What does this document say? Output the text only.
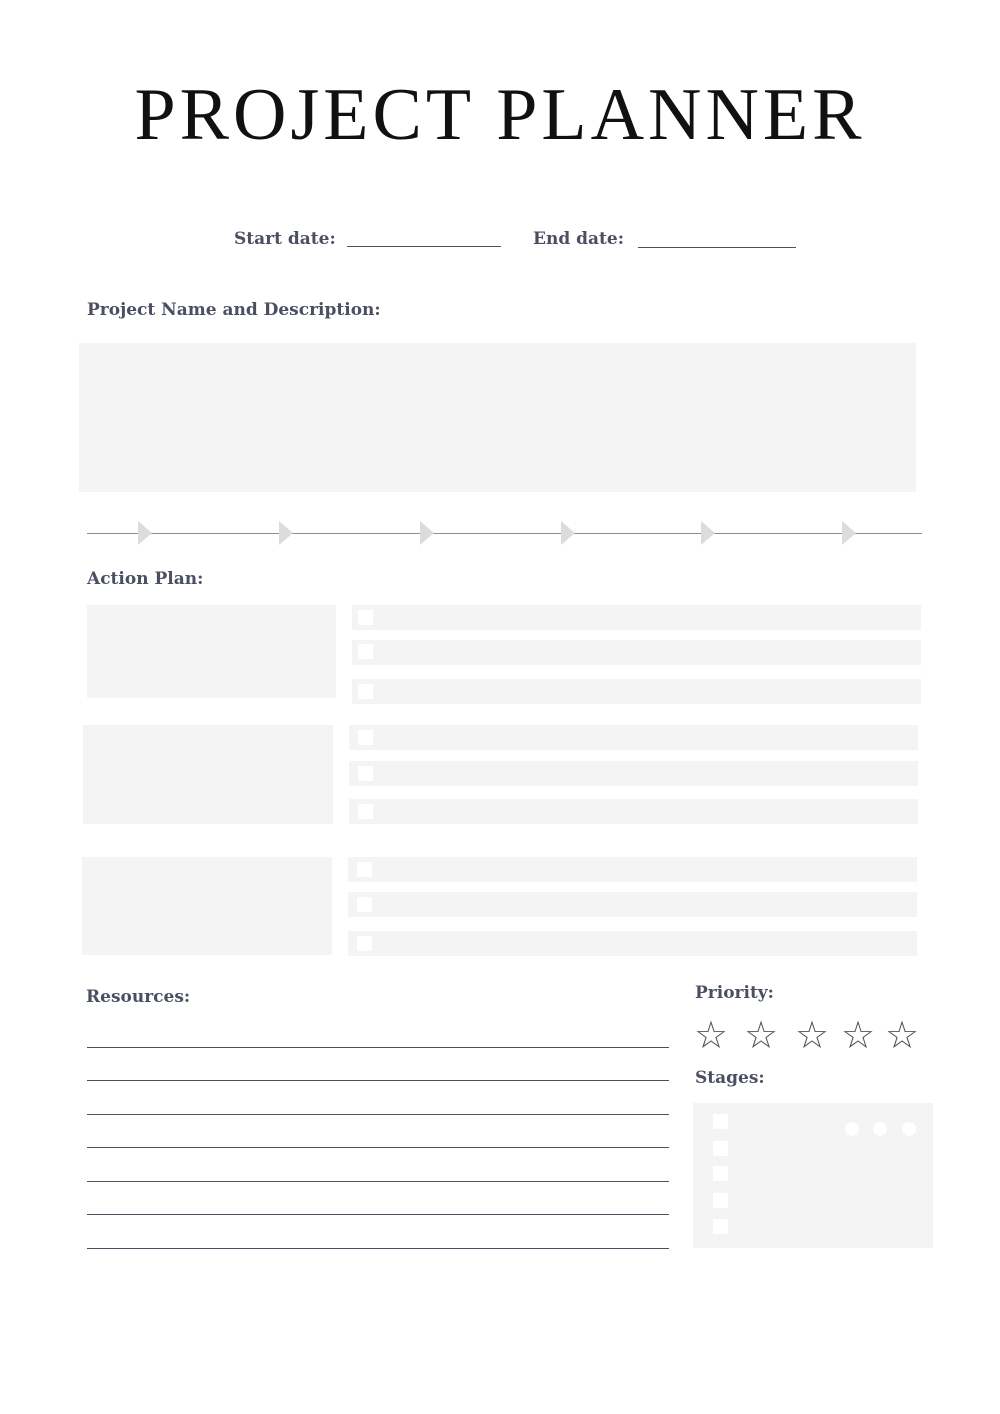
PROJECT PLANNER
Start date:	End date:
Project Name and Description:
Action Plan:
Resources:	Priority:
☆ ☆ ☆ ☆ ☆
Stages:
